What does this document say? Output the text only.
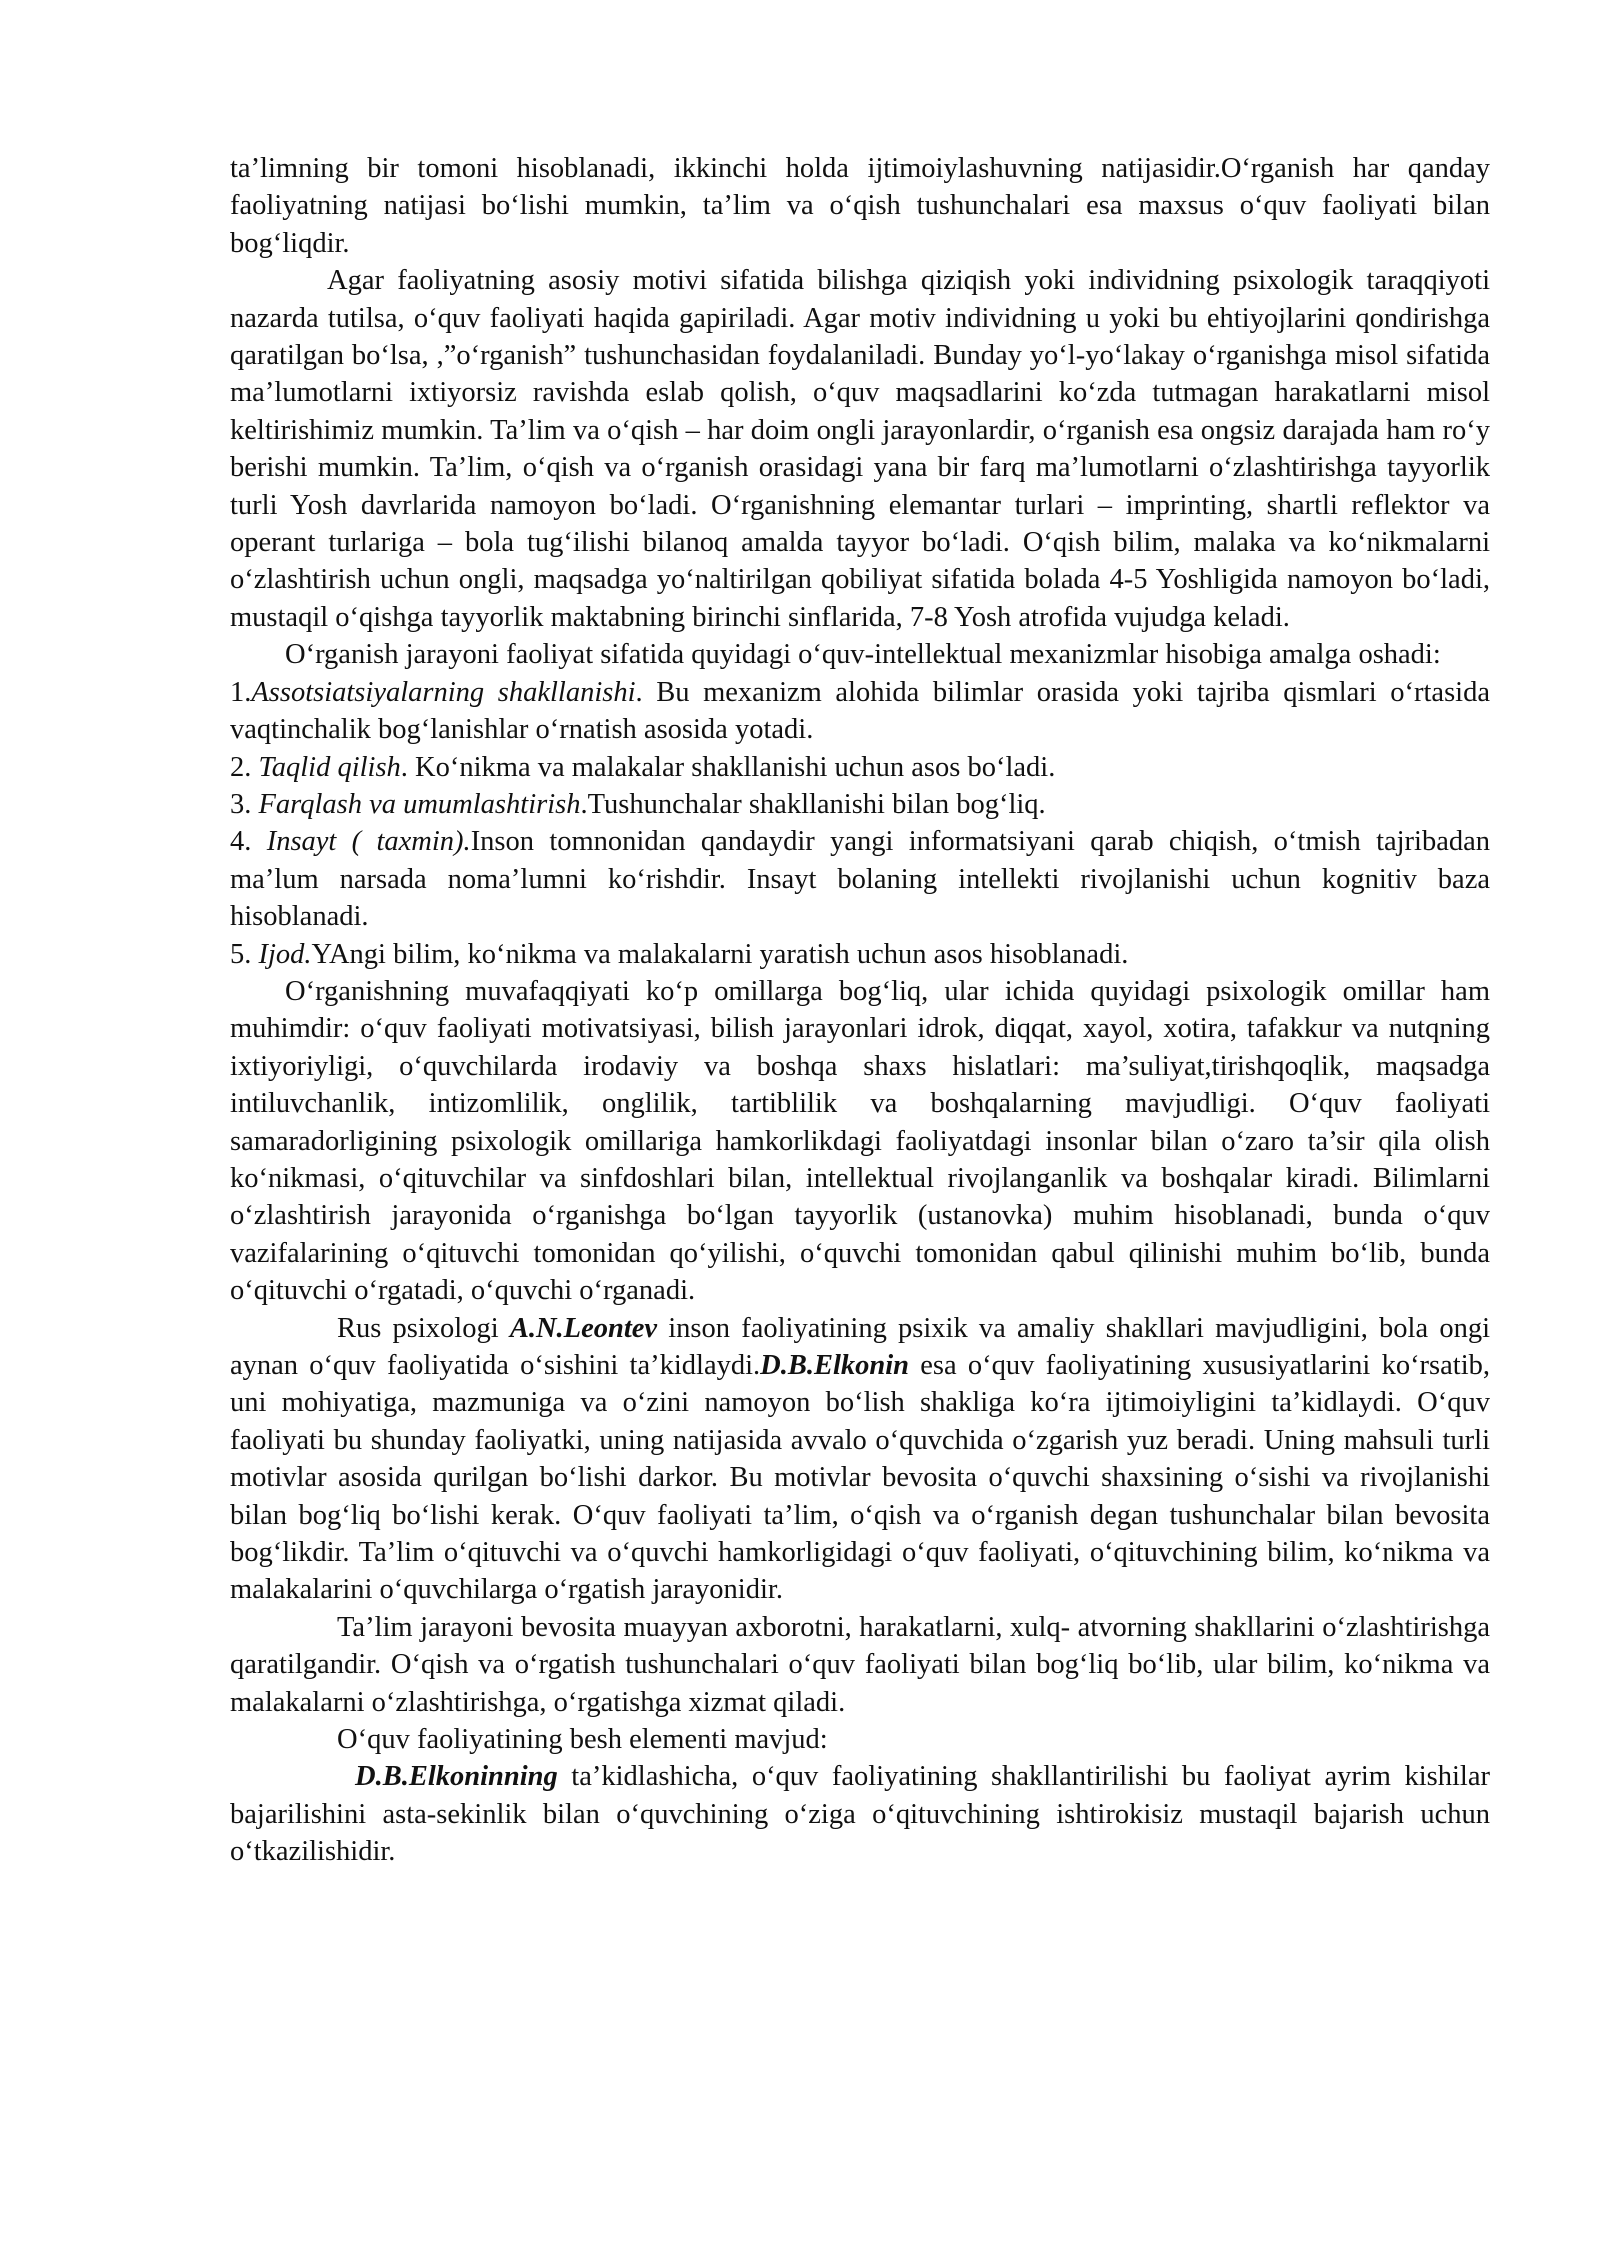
ta’limning bir tomoni hisoblanadi, ikkinchi holda ijtimoiylashuvning natijasidir.O‘rganish har qanday faoliyatning natijasi bo‘lishi mumkin, ta’lim va o‘qish tushunchalari esa maxsus o‘quv faoliyati bilan bog‘liqdir.

Agar faoliyatning asosiy motivi sifatida bilishga qiziqish yoki individning psixologik taraqqiyoti nazarda tutilsa, o‘quv faoliyati haqida gapiriladi. Agar motiv individning u yoki bu ehtiyojlarini qondirishga qaratilgan bo‘lsa, ,”o‘rganish” tushunchasidan foydalaniladi. Bunday yo‘l-yo‘lakay o‘rganishga misol sifatida ma’lumotlarni ixtiyorsiz ravishda eslab qolish, o‘quv maqsadlarini ko‘zda tutmagan harakatlarni misol keltirishimiz mumkin. Ta’lim va o‘qish – har doim ongli jarayonlardir, o‘rganish esa ongsiz darajada ham ro‘y berishi mumkin. Ta’lim, o‘qish va o‘rganish orasidagi yana bir farq ma’lumotlarni o‘zlashtirishga tayyorlik turli Yosh davrlarida namoyon bo‘ladi. O‘rganishning elemantar turlari – imprinting, shartli reflektor va operant turlariga – bola tug‘ilishi bilanoq amalda tayyor bo‘ladi. O‘qish bilim, malaka va ko‘nikmalarni o‘zlashtirish uchun ongli, maqsadga yo‘naltirilgan qobiliyat sifatida bolada 4-5 Yoshligida namoyon bo‘ladi, mustaqil o‘qishga tayyorlik maktabning birinchi sinflarida, 7-8 Yosh atrofida vujudga keladi.

O‘rganish jarayoni faoliyat sifatida quyidagi o‘quv-intellektual mexanizmlar hisobiga amalga oshadi:

1.Assotsiatsiyalarning shakllanishi. Bu mexanizm alohida bilimlar orasida yoki tajriba qismlari o‘rtasida vaqtinchalik bog‘lanishlar o‘rnatish asosida yotadi.

2. Taqlid qilish. Ko‘nikma va malakalar shakllanishi uchun asos bo‘ladi.

3. Farqlash va umumlashtirish.Tushunchalar shakllanishi bilan bog‘liq.

4. Insayt ( taxmin).Inson tomnonidan qandaydir yangi informatsiyani qarab chiqish, o‘tmish tajribadan ma’lum narsada noma’lumni ko‘rishdir. Insayt bolaning intellekti rivojlanishi uchun kognitiv baza hisoblanadi.

5. Ijod.YAngi bilim, ko‘nikma va malakalarni yaratish uchun asos hisoblanadi.

O‘rganishning muvafaqqiyati ko‘p omillarga bog‘liq, ular ichida quyidagi psixologik omillar ham muhimdir: o‘quv faoliyati motivatsiyasi, bilish jarayonlari idrok, diqqat, xayol, xotira, tafakkur va nutqning ixtiyoriyligi, o‘quvchilarda irodaviy va boshqa shaxs hislatlari: ma’suliyat,tirishqoqlik, maqsadga intiluvchanlik, intizomlilik, onglilik, tartiblilik va boshqalarning mavjudligi. O‘quv faoliyati samaradorligining psixologik omillariga hamkorlikdagi faoliyatdagi insonlar bilan o‘zaro ta’sir qila olish ko‘nikmasi, o‘qituvchilar va sinfdoshlari bilan, intellektual rivojlanganlik va boshqalar kiradi. Bilimlarni o‘zlashtirish jarayonida o‘rganishga bo‘lgan tayyorlik (ustanovka) muhim hisoblanadi, bunda o‘quv vazifalarining o‘qituvchi tomonidan qo‘yilishi, o‘quvchi tomonidan qabul qilinishi muhim bo‘lib, bunda o‘qituvchi o‘rgatadi, o‘quvchi o‘rganadi.

Rus psixologi A.N.Leontev inson faoliyatining psixik va amaliy shakllari mavjudligini, bola ongi aynan o‘quv faoliyatida o‘sishini ta’kidlaydi.D.B.Elkonin esa o‘quv faoliyatining xususiyatlarini ko‘rsatib, uni mohiyatiga, mazmuniga va o‘zini namoyon bo‘lish shakliga ko‘ra ijtimoiyligini ta’kidlaydi. O‘quv faoliyati bu shunday faoliyatki, uning natijasida avvalo o‘quvchida o‘zgarish yuz beradi. Uning mahsuli turli motivlar asosida qurilgan bo‘lishi darkor. Bu motivlar bevosita o‘quvchi shaxsining o‘sishi va rivojlanishi bilan bog‘liq bo‘lishi kerak. O‘quv faoliyati ta’lim, o‘qish va o‘rganish degan tushunchalar bilan bevosita bog‘likdir. Ta’lim o‘qituvchi va o‘quvchi hamkorligidagi o‘quv faoliyati, o‘qituvchining bilim, ko‘nikma va malakalarini o‘quvchilarga o‘rgatish jarayonidir.

Ta’lim jarayoni bevosita muayyan axborotni, harakatlarni, xulq- atvorning shakllarini o‘zlashtirishga qaratilgandir. O‘qish va o‘rgatish tushunchalari o‘quv faoliyati bilan bog‘liq bo‘lib, ular bilim, ko‘nikma va malakalarni o‘zlashtirishga, o‘rgatishga xizmat qiladi.

O‘quv faoliyatining besh elementi mavjud:

D.B.Elkoninning ta’kidlashicha, o‘quv faoliyatining shakllantirilishi bu faoliyat ayrim kishilar bajarilishini asta-sekinlik bilan o‘quvchining o‘ziga o‘qituvchining ishtirokisiz mustaqil bajarish uchun o‘tkazilishidir.
